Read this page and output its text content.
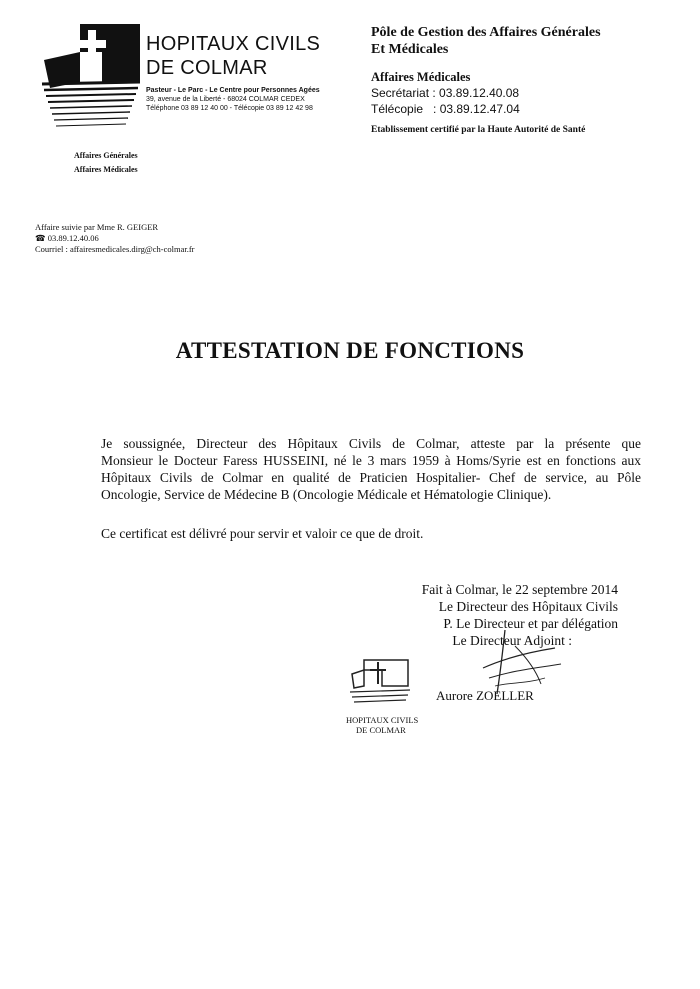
HOPITAUX CIVILS
DE COLMAR
Pasteur - Le Parc - Le Centre pour Personnes Agées
39, avenue de la Liberté - 68024 COLMAR CEDEX
Téléphone 03 89 12 40 00 - Télécopie 03 89 12 42 98
Pôle de Gestion des Affaires Générales
Et Médicales
Affaires Médicales
Secrétariat : 03.89.12.40.08
Télécopie   : 03.89.12.47.04
Etablissement certifié par la Haute Autorité de Santé
Affaires Générales
Affaires Médicales
Affaire suivie par Mme R. GEIGER
☎ 03.89.12.40.06
Courriel : affairesmedicales.dirg@ch-colmar.fr
ATTESTATION DE FONCTIONS
Je soussignée, Directeur des Hôpitaux Civils de Colmar, atteste par la présente que
Monsieur le Docteur Faress HUSSEINI, né le 3 mars 1959 à Homs/Syrie est en fonctions aux
Hôpitaux Civils de Colmar en qualité de Praticien Hospitalier- Chef de service, au Pôle
Oncologie, Service de Médecine B (Oncologie Médicale et Hématologie Clinique).
Ce certificat est délivré pour servir et valoir ce que de droit.
Fait à Colmar, le 22 septembre 2014
Le Directeur des Hôpitaux Civils
P. Le Directeur et par délégation
Le Directeur Adjoint :
Aurore ZOELLER
HOPITAUX CIVILS
DE COLMAR
